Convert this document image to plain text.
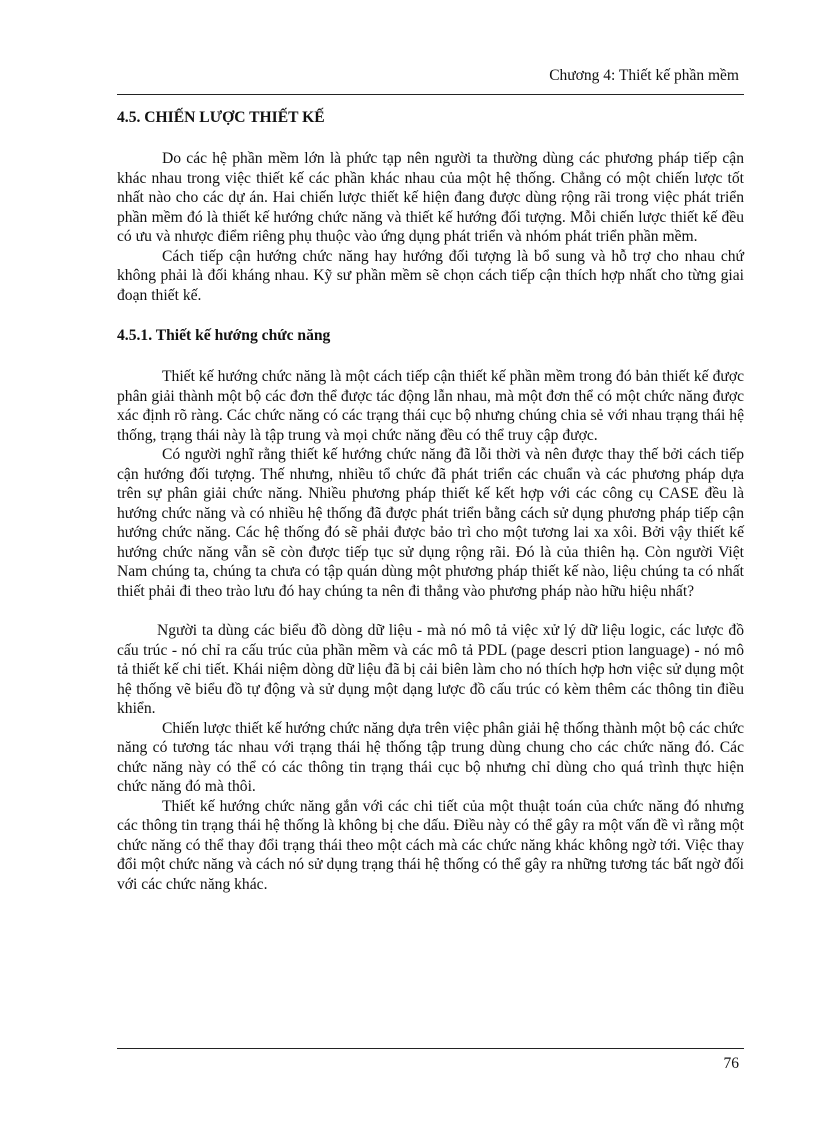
Chương 4: Thiết kế phần mềm
4.5. CHIẾN LƯỢC THIẾT KẾ

Do các hệ phần mềm lớn là phức tạp nên người ta thường dùng các phương pháp tiếp cận khác nhau trong việc thiết kế các phần khác nhau của một hệ thống. Chẳng có một chiến lược tốt nhất nào cho các dự án. Hai chiến lược thiết kế hiện đang được dùng rộng rãi trong việc phát triển phần mềm đó là thiết kế hướng chức năng và thiết kế hướng đối tượng. Mỗi chiến lược thiết kế đều có ưu và nhược điểm riêng phụ thuộc vào ứng dụng phát triển và nhóm phát triển phần mềm.

Cách tiếp cận hướng chức năng hay hướng đối tượng là bổ sung và hỗ trợ cho nhau chứ không phải là đối kháng nhau. Kỹ sư phần mềm sẽ chọn cách tiếp cận thích hợp nhất cho từng giai đoạn thiết kế.

4.5.1. Thiết kế hướng chức năng

Thiết kế hướng chức năng là một cách tiếp cận thiết kế phần mềm trong đó bản thiết kế được phân giải thành một bộ các đơn thể được tác động lẫn nhau, mà một đơn thể có một chức năng được xác định rõ ràng. Các chức năng có các trạng thái cục bộ nhưng chúng chia sẻ với nhau trạng thái hệ thống, trạng thái này là tập trung và mọi chức năng đều có thể truy cập được.

Có người nghĩ rằng thiết kế hướng chức năng đã lỗi thời và nên được thay thế bởi cách tiếp cận hướng đối tượng. Thế nhưng, nhiều tổ chức đã phát triển các chuẩn và các phương pháp dựa trên sự phân giải chức năng. Nhiều phương pháp thiết kế kết hợp với các công cụ CASE đều là hướng chức năng và có nhiều hệ thống đã được phát triển bằng cách sử dụng phương pháp tiếp cận hướng chức năng. Các hệ thống đó sẽ phải được bảo trì cho một tương lai xa xôi. Bởi vậy thiết kế hướng chức năng vẫn sẽ còn được tiếp tục sử dụng rộng rãi. Đó là của thiên hạ. Còn người Việt Nam chúng ta, chúng ta chưa có tập quán dùng một phương pháp thiết kế nào, liệu chúng ta có nhất thiết phải đi theo trào lưu đó hay chúng ta nên đi thẳng vào phương pháp nào hữu hiệu nhất?

Người ta dùng các biểu đồ dòng dữ liệu - mà nó mô tả việc xử lý dữ liệu logic, các lược đồ cấu trúc - nó chỉ ra cấu trúc của phần mềm và các mô tả PDL (page descri ption language) - nó mô tả thiết kế chi tiết. Khái niệm dòng dữ liệu đã bị cải biên làm cho nó thích hợp hơn việc sử dụng một hệ thống vẽ biểu đồ tự động và sử dụng một dạng lược đồ cấu trúc có kèm thêm các thông tin điều khiển.

Chiến lược thiết kế hướng chức năng dựa trên việc phân giải hệ thống thành một bộ các chức năng có tương tác nhau với trạng thái hệ thống tập trung dùng chung cho các chức năng đó. Các chức năng này có thể có các thông tin trạng thái cục bộ nhưng chỉ dùng cho quá trình thực hiện chức năng đó mà thôi.

Thiết kế hướng chức năng gắn với các chi tiết của một thuật toán của chức năng đó nhưng các thông tin trạng thái hệ thống là không bị che dấu. Điều này có thể gây ra một vấn đề vì rằng một chức năng có thể thay đổi trạng thái theo một cách mà các chức năng khác không ngờ tới. Việc thay đổi một chức năng và cách nó sử dụng trạng thái hệ thống có thể gây ra những tương tác bất ngờ đối với các chức năng khác.

76
